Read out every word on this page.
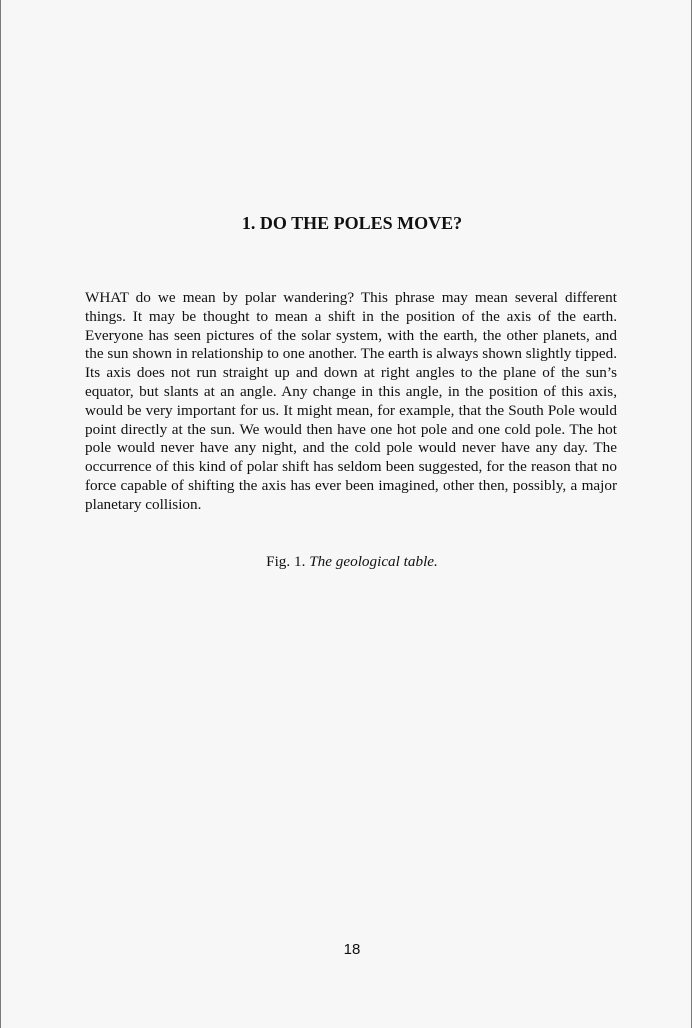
1. DO THE POLES MOVE?

WHAT do we mean by polar wandering? This phrase may mean several different things. It may be thought to mean a shift in the position of the axis of the earth. Everyone has seen pictures of the solar system, with the earth, the other planets, and the sun shown in relationship to one another. The earth is always shown slightly tipped. Its axis does not run straight up and down at right angles to the plane of the sun’s equator, but slants at an angle. Any change in this angle, in the position of this axis, would be very important for us. It might mean, for example, that the South Pole would point directly at the sun. We would then have one hot pole and one cold pole. The hot pole would never have any night, and the cold pole would never have any day. The occurrence of this kind of polar shift has seldom been suggested, for the reason that no force capable of shifting the axis has ever been imagined, other then, possibly, a major planetary collision.

Fig. 1. The geological table.

18
